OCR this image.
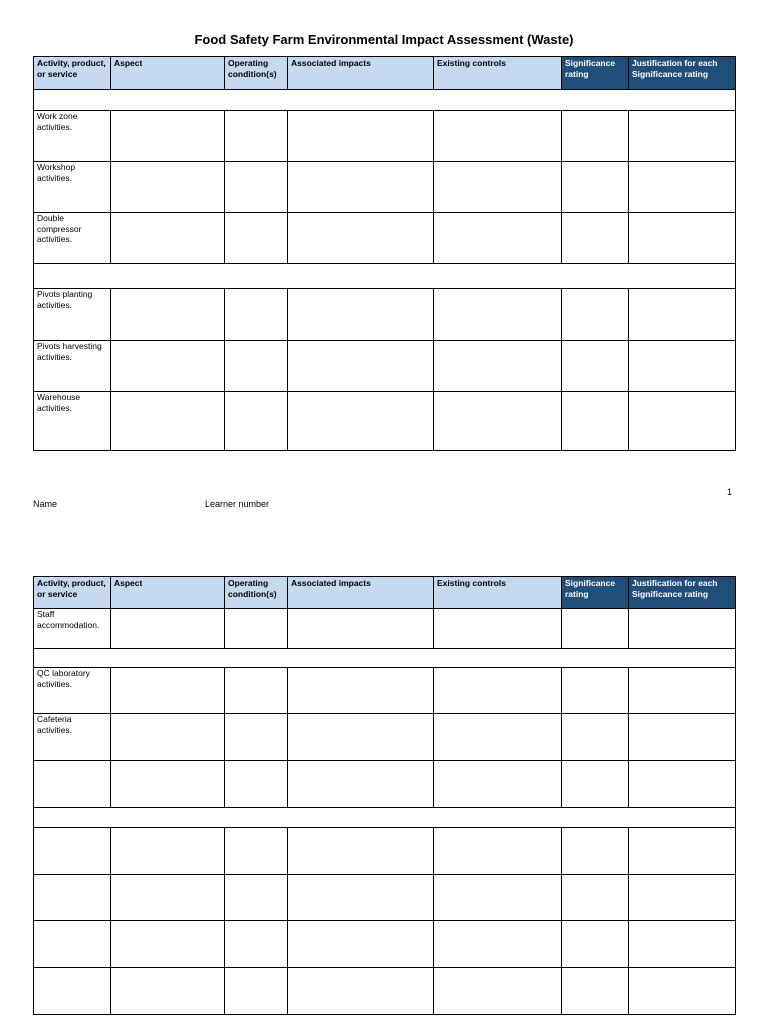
Food Safety Farm Environmental Impact Assessment (Waste)
Activity, product, or service	Aspect	Operating condition(s)	Associated impacts	Existing controls	Significance rating	Justification for each Significance rating

Work zone activities.						
Workshop activities.						
Double compressor activities.						

Pivots planting activities.						
Pivots harvesting activities.						
Warehouse activities.						
1
Name	Learner number
Activity, product, or service	Aspect	Operating condition(s)	Associated impacts	Existing controls	Significance rating	Justification for each Significance rating
Staff accommodation.						

QC laboratory activities.						
Cafeteria activities.						
